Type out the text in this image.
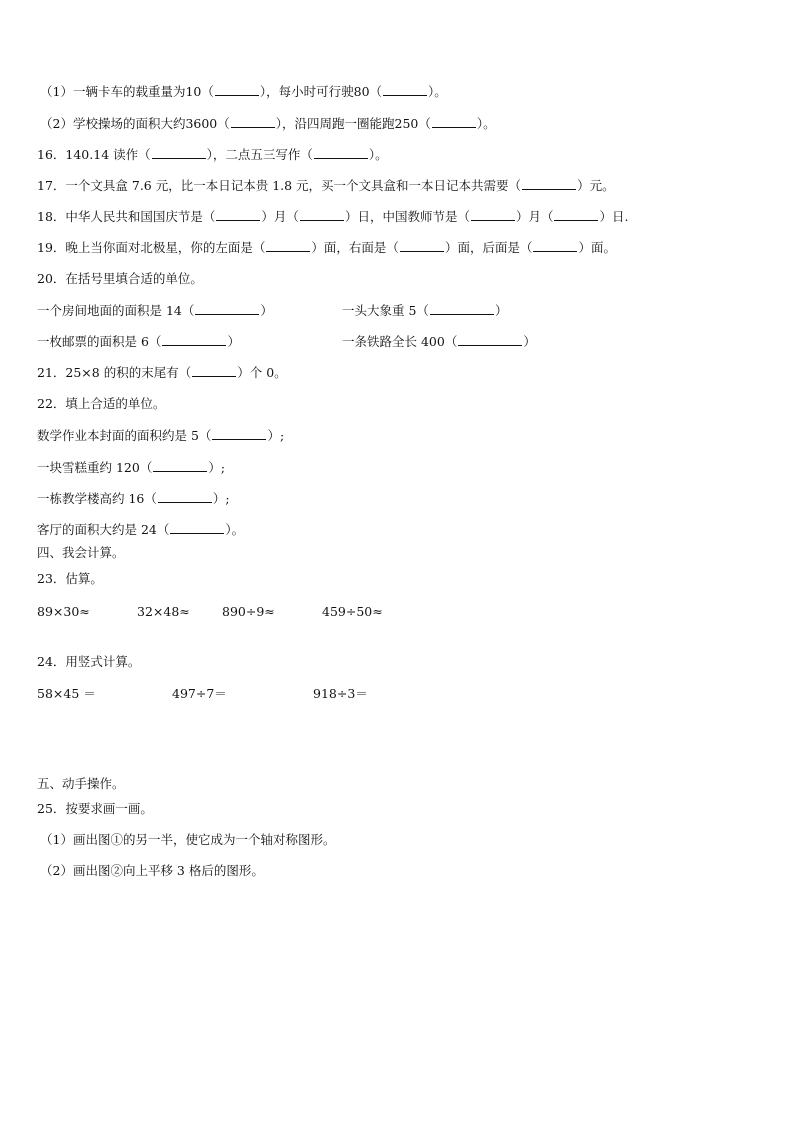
（1）一辆卡车的载重量为10（	），每小时可行驶80（	）。
（2）学校操场的面积大约3600（	），沿四周跑一圈能跑250（	）。
16．140.14 读作（	），二点五三写作（	）。
17．一个文具盒 7.6 元，比一本日记本贵 1.8 元，买一个文具盒和一本日记本共需要（	）元。
18．中华人民共和国国庆节是（	）月（	）日，中国教师节是（	）月（	）日.
19．晚上当你面对北极星，你的左面是（	）面，右面是（	）面，后面是（	）面。
20．在括号里填合适的单位。
一个房间地面的面积是 14（	）	一头大象重 5（	）
一枚邮票的面积是 6（	）	一条铁路全长 400（	）
21．25×8 的积的末尾有（	）个 0。
22．填上合适的单位。
数学作业本封面的面积约是 5（	）;
一块雪糕重约 120（	）;
一栋教学楼高约 16（	）;
客厅的面积大约是 24（	）。
四、我会计算。
23．估算。
89×30≈	32×48≈	890÷9≈	459÷50≈
24．用竖式计算。
58×45 ＝	497÷7＝	918÷3＝
五、动手操作。
25．按要求画一画。
（1）画出图①的另一半，使它成为一个轴对称图形。
（2）画出图②向上平移 3 格后的图形。
